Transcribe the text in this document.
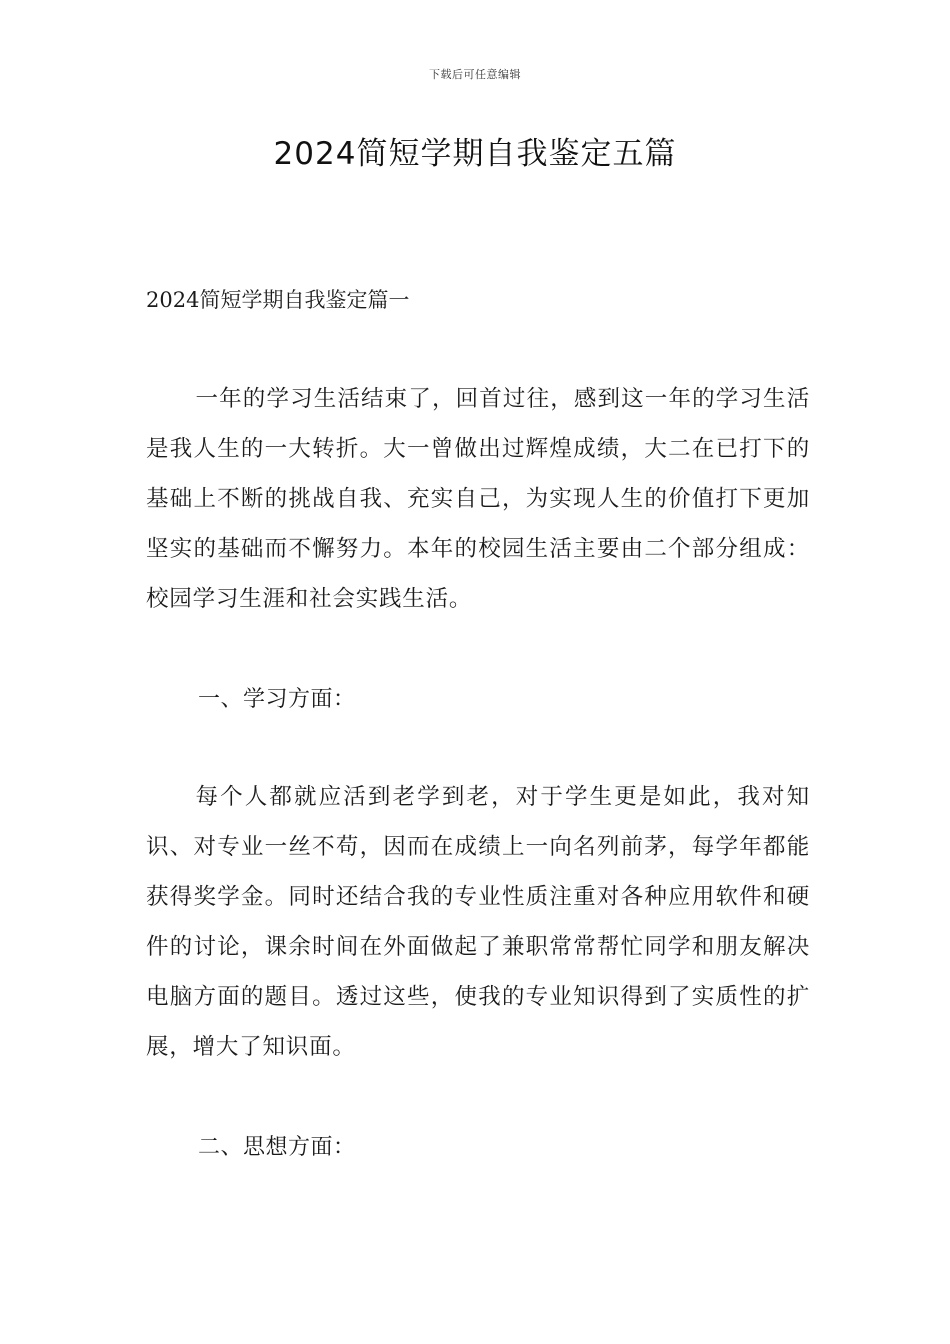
下载后可任意编辑
2024简短学期自我鉴定五篇

2024简短学期自我鉴定篇一

一年的学习生活结束了，回首过往，感到这一年的学习生活是我人生的一大转折。大一曾做出过辉煌成绩，大二在已打下的基础上不断的挑战自我、充实自己，为实现人生的价值打下更加坚实的基础而不懈努力。本年的校园生活主要由二个部分组成：校园学习生涯和社会实践生活。

一、学习方面：

每个人都就应活到老学到老，对于学生更是如此，我对知识、对专业一丝不苟，因而在成绩上一向名列前茅，每学年都能获得奖学金。同时还结合我的专业性质注重对各种应用软件和硬件的讨论，课余时间在外面做起了兼职常常帮忙同学和朋友解决电脑方面的题目。透过这些，使我的专业知识得到了实质性的扩展，增大了知识面。

二、思想方面：
